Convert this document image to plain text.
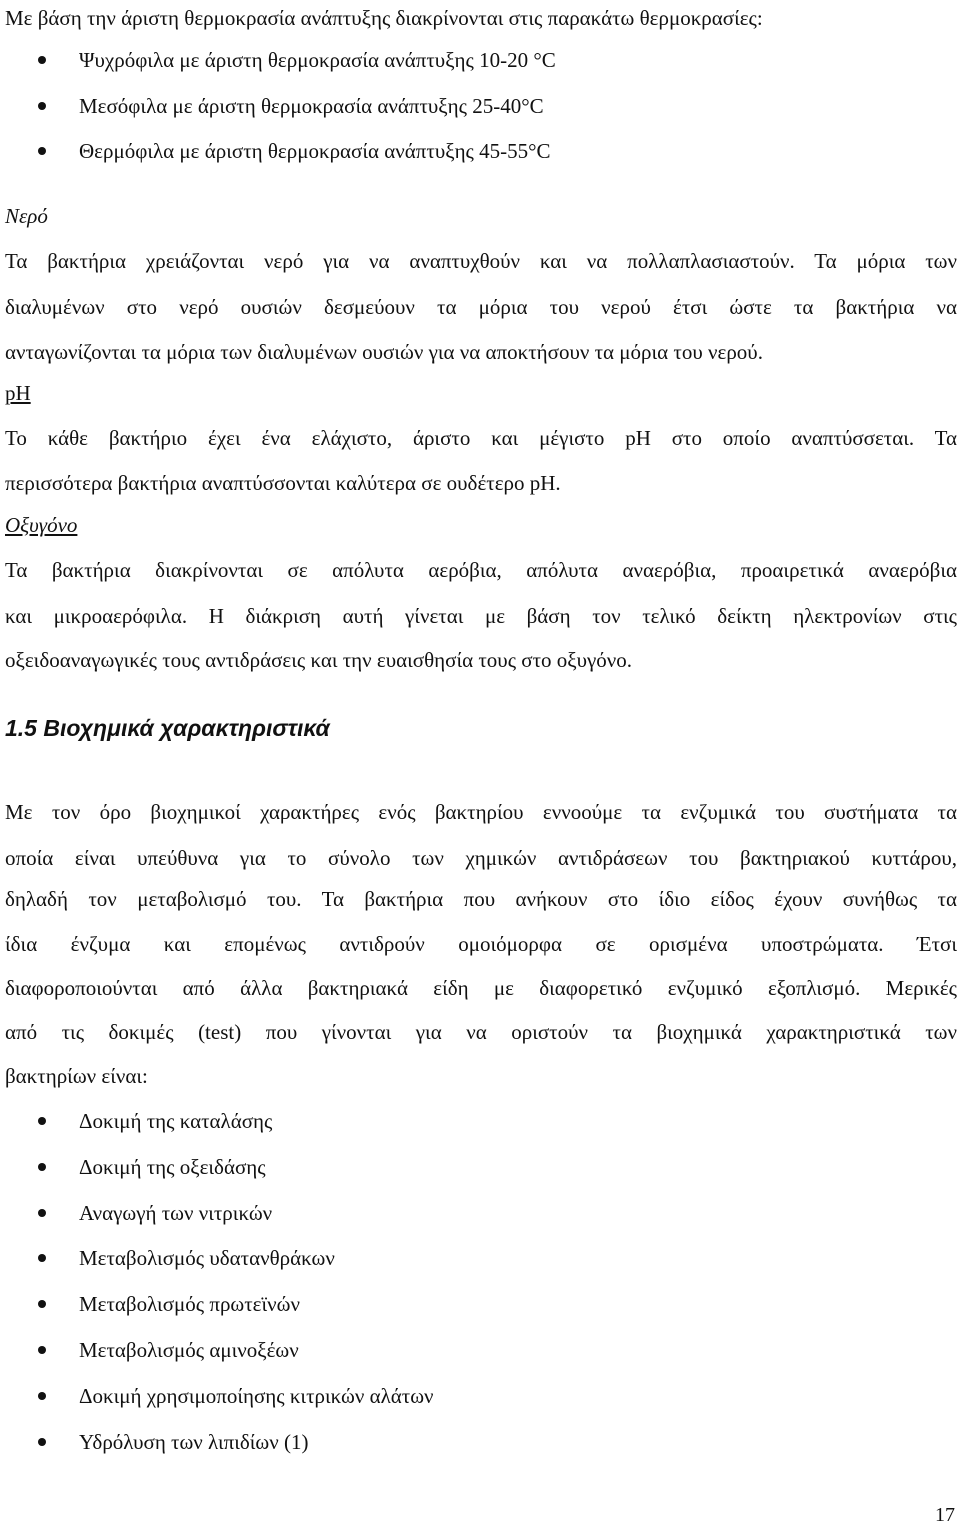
Με βάση την άριστη θερμοκρασία ανάπτυξης διακρίνονται στις παρακάτω θερμοκρασίες:
Ψυχρόφιλα με άριστη θερμοκρασία ανάπτυξης 10-20 °C
Μεσόφιλα με άριστη θερμοκρασία ανάπτυξης 25-40°C
Θερμόφιλα με άριστη θερμοκρασία ανάπτυξης 45-55°C
Νερό
Τα βακτήρια χρειάζονται νερό για να αναπτυχθούν και να πολλαπλασιαστούν. Τα μόρια των
διαλυμένων στο νερό ουσιών δεσμεύουν τα μόρια του νερού έτσι ώστε τα βακτήρια να
ανταγωνίζονται τα μόρια των διαλυμένων ουσιών για να αποκτήσουν τα μόρια του νερού.
pH
Το κάθε βακτήριο έχει ένα ελάχιστο, άριστο και μέγιστο pH στο οποίο αναπτύσσεται. Τα
περισσότερα βακτήρια αναπτύσσονται καλύτερα σε ουδέτερο pH.
Οξυγόνο
Τα βακτήρια διακρίνονται σε απόλυτα αερόβια, απόλυτα αναερόβια, προαιρετικά αναερόβια
και μικροαερόφιλα. Η διάκριση αυτή γίνεται με βάση τον τελικό δείκτη ηλεκτρονίων στις
οξειδοαναγωγικές τους αντιδράσεις και την ευαισθησία τους στο οξυγόνο.
1.5 Βιοχημικά χαρακτηριστικά
Με τον όρο βιοχημικοί χαρακτήρες ενός βακτηρίου εννοούμε τα ενζυμικά του συστήματα τα
οποία είναι υπεύθυνα για το σύνολο των χημικών αντιδράσεων του βακτηριακού κυττάρου,
δηλαδή τον μεταβολισμό του. Τα βακτήρια που ανήκουν στο ίδιο είδος έχουν συνήθως τα
ίδια ένζυμα και επομένως αντιδρούν ομοιόμορφα σε ορισμένα υποστρώματα. Έτσι
διαφοροποιούνται από άλλα βακτηριακά είδη με διαφορετικό ενζυμικό εξοπλισμό. Μερικές
από τις δοκιμές (test) που γίνονται για να οριστούν τα βιοχημικά χαρακτηριστικά των
βακτηρίων είναι:
Δοκιμή της καταλάσης
Δοκιμή της οξειδάσης
Αναγωγή των νιτρικών
Μεταβολισμός υδατανθράκων
Μεταβολισμός πρωτεϊνών
Μεταβολισμός αμινοξέων
Δοκιμή χρησιμοποίησης κιτρικών αλάτων
Υδρόλυση των λιπιδίων (1)
17
